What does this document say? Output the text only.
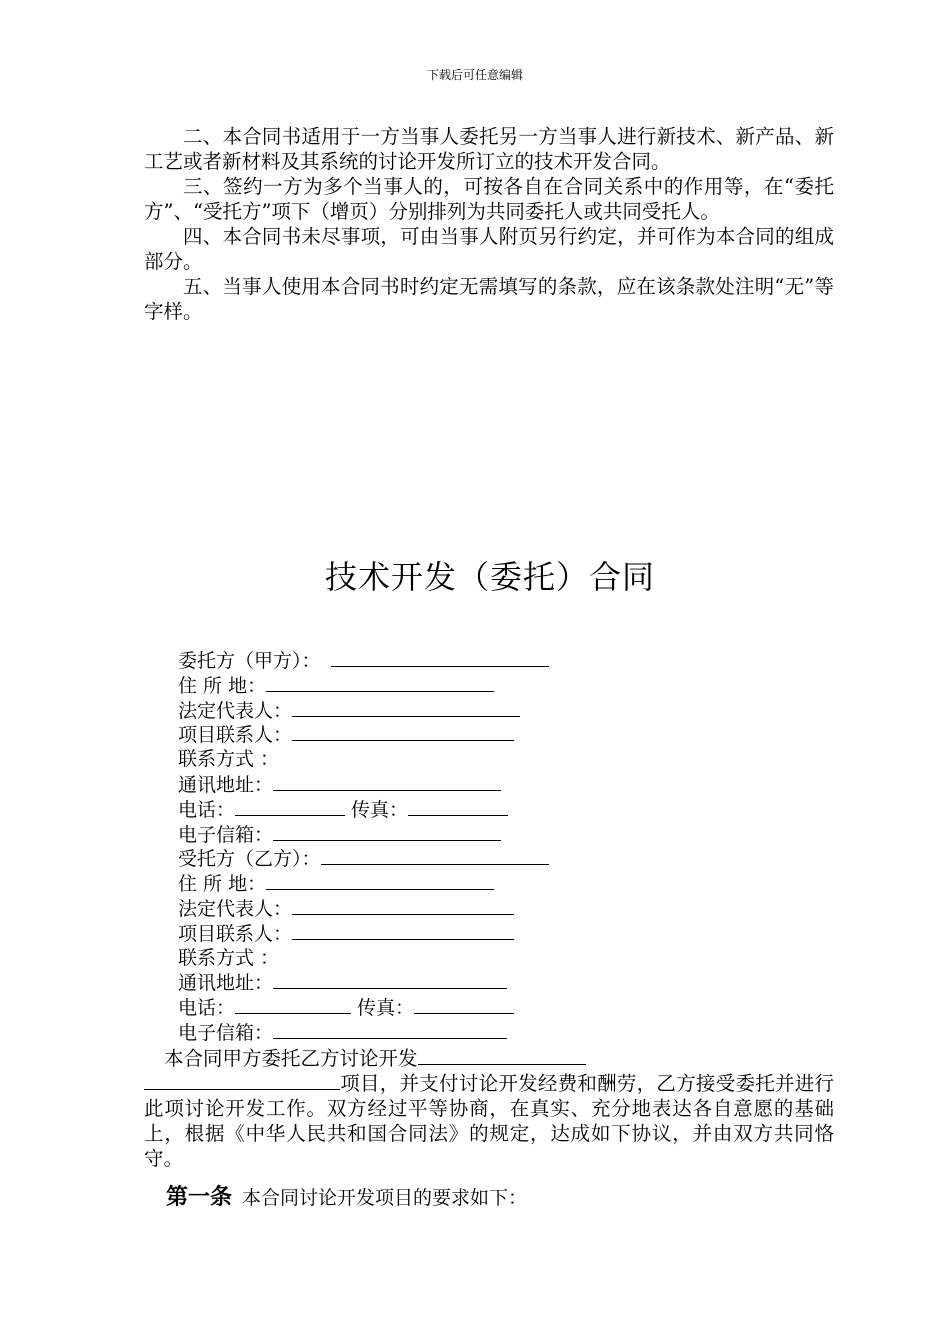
下载后可任意编辑

二、本合同书适用于一方当事人委托另一方当事人进行新技术、新产品、新工艺或者新材料及其系统的讨论开发所订立的技术开发合同。

三、签约一方为多个当事人的，可按各自在合同关系中的作用等，在“委托方”、“受托方”项下（增页）分别排列为共同委托人或共同受托人。

四、本合同书未尽事项，可由当事人附页另行约定，并可作为本合同的组成部分。

五、当事人使用本合同书时约定无需填写的条款，应在该条款处注明“无”等字样。

技术开发（委托）合同
委托方（甲方）：
住 所 地：
法定代表人：
项目联系人：
联系方式 ：
通讯地址：
电话：	传真：
电子信箱：
受托方（乙方）：
住 所 地：
法定代表人：
项目联系人：
联系方式 ：
通讯地址：
电话：	传真：
电子信箱：
本合同甲方委托乙方讨论开发
项目，并支付讨论开发经费和酬劳，乙方接受委托并进行此项讨论开发工作。双方经过平等协商，在真实、充分地表达各自意愿的基础上，根据《中华人民共和国合同法》的规定，达成如下协议，并由双方共同恪守。
第一条 本合同讨论开发项目的要求如下：
